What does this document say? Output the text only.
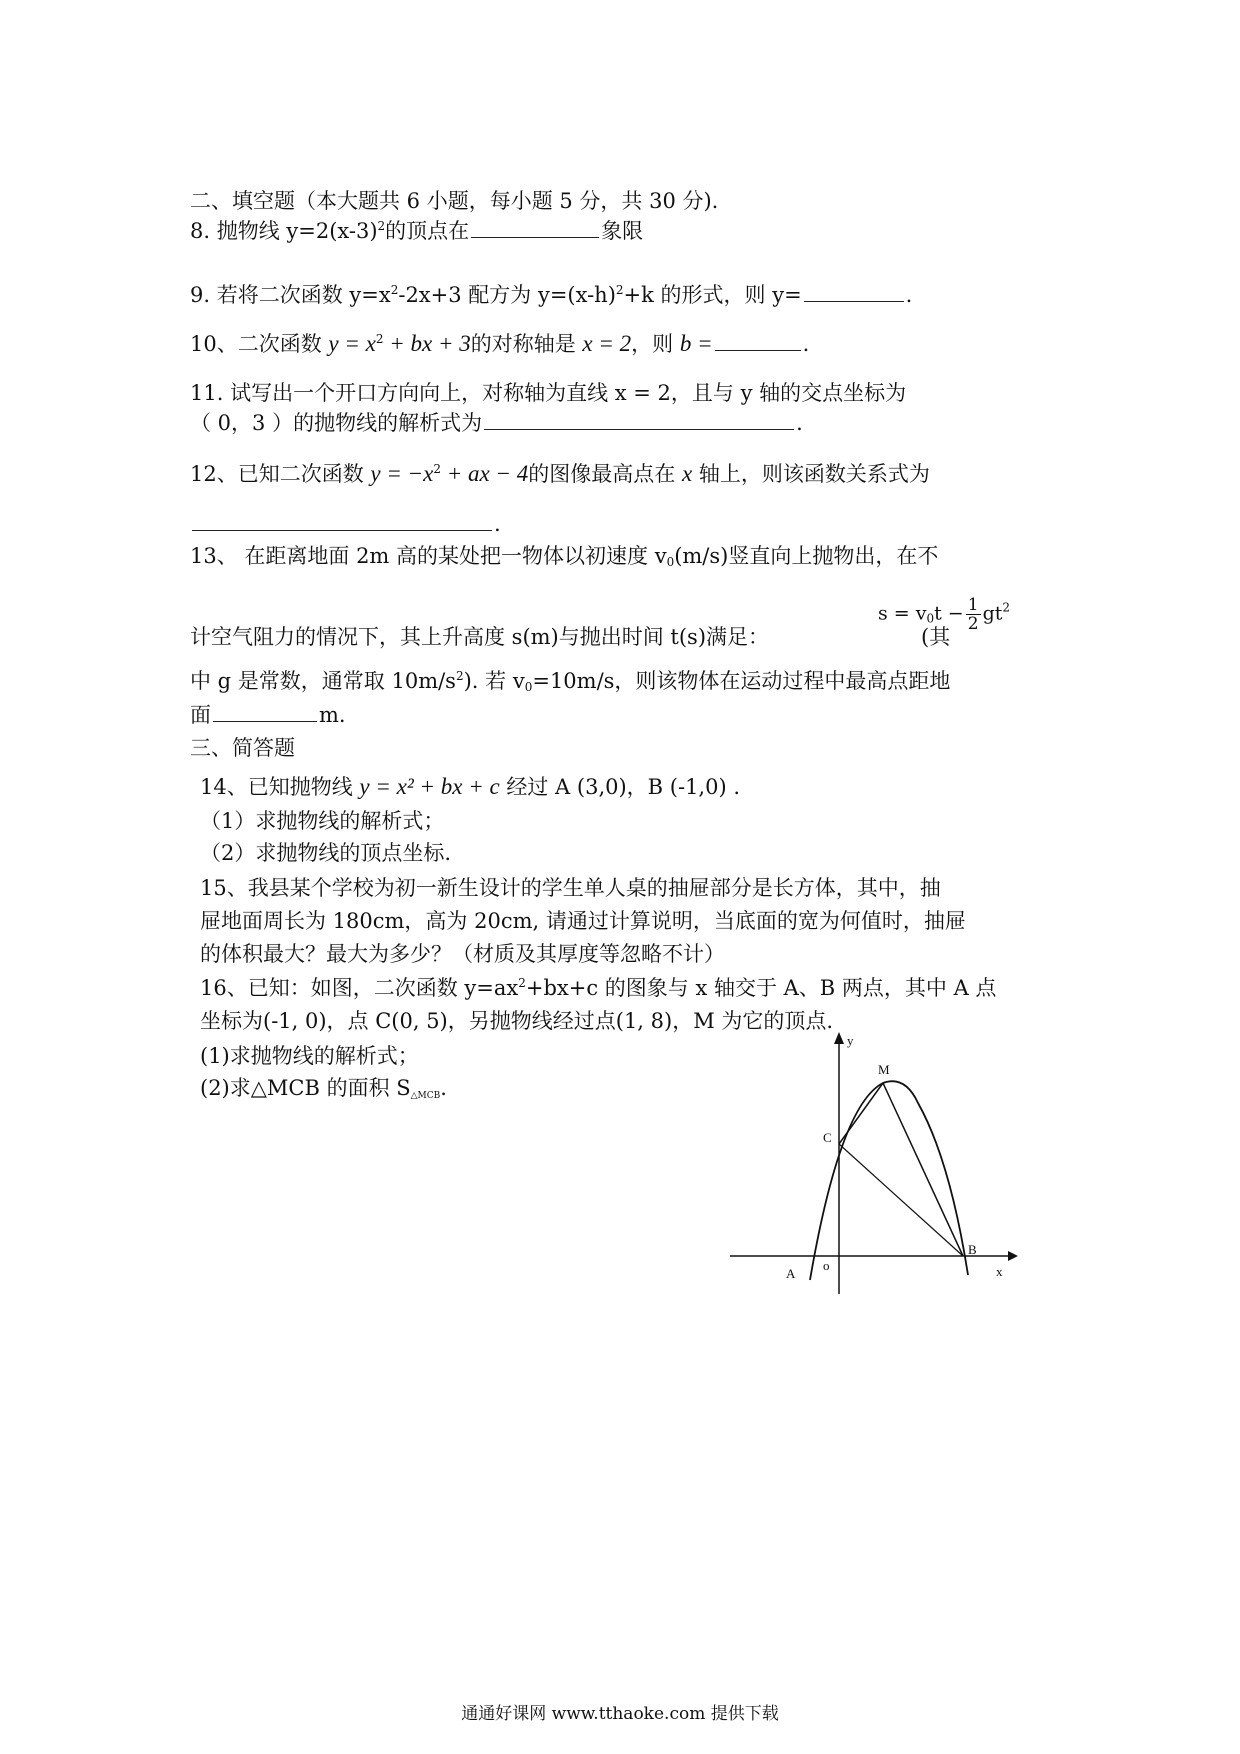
二、填空题（本大题共 6 小题，每小题 5 分，共 30 分).
8. 抛物线 $y=2(x-3)^2$的顶点在	象限
9. 若将二次函数 $y=x^2-2x+3$ 配方为 $y=(x-h)^2+k$ 的形式，则 y=	.
10、二次函数 $y = x^2$ + bx + 3的对称轴是 x = 2，则 b =	.
11. 试写出一个开口方向向上，对称轴为直线 x = 2，且与 y 轴的交点坐标为
（ 0，3 ）的抛物线的解析式为	.
12、已知二次函数 $y = -x^2$ + ax − 4的图像最高点在 x 轴上，则该函数关系式为
.
13、 在距离地面 2m 高的某处把一物体以初速度 $v_0(m/s)$竖直向上抛物出，在不
$s = v_0t - \frac{1}{2} gt^2$
计空气阻力的情况下，其上升高度 s(m)与抛出时间 t(s)满足：	(其
中 g 是常数，通常取 $10m/s^2$). 若 $v_0=10m/s$，则该物体在运动过程中最高点距地
面	m.
三、简答题
14、已知抛物线 y = x² + bx + c 经过 A (3,0)，B (-1,0) .
（1）求抛物线的解析式；
（2）求抛物线的顶点坐标.
15、我县某个学校为初一新生设计的学生单人桌的抽屉部分是长方体，其中，抽
屉地面周长为 180cm，高为 20cm, 请通过计算说明，当底面的宽为何值时，抽屉
的体积最大？最大为多少？（材质及其厚度等忽略不计）
16、已知：如图，二次函数 $y=ax^2+bx+c$ 的图象与 x 轴交于 A、B 两点，其中 A 点
坐标为(-1, 0)，点 C(0, 5)，另抛物线经过点(1, 8)，M 为它的顶点.
(1)求抛物线的解析式；
(2)求△MCB 的面积 $S_{\triangle MCB}$.
y
x
M
C
A
o
B
通通好课网 www.tthaoke.com 提供下载
